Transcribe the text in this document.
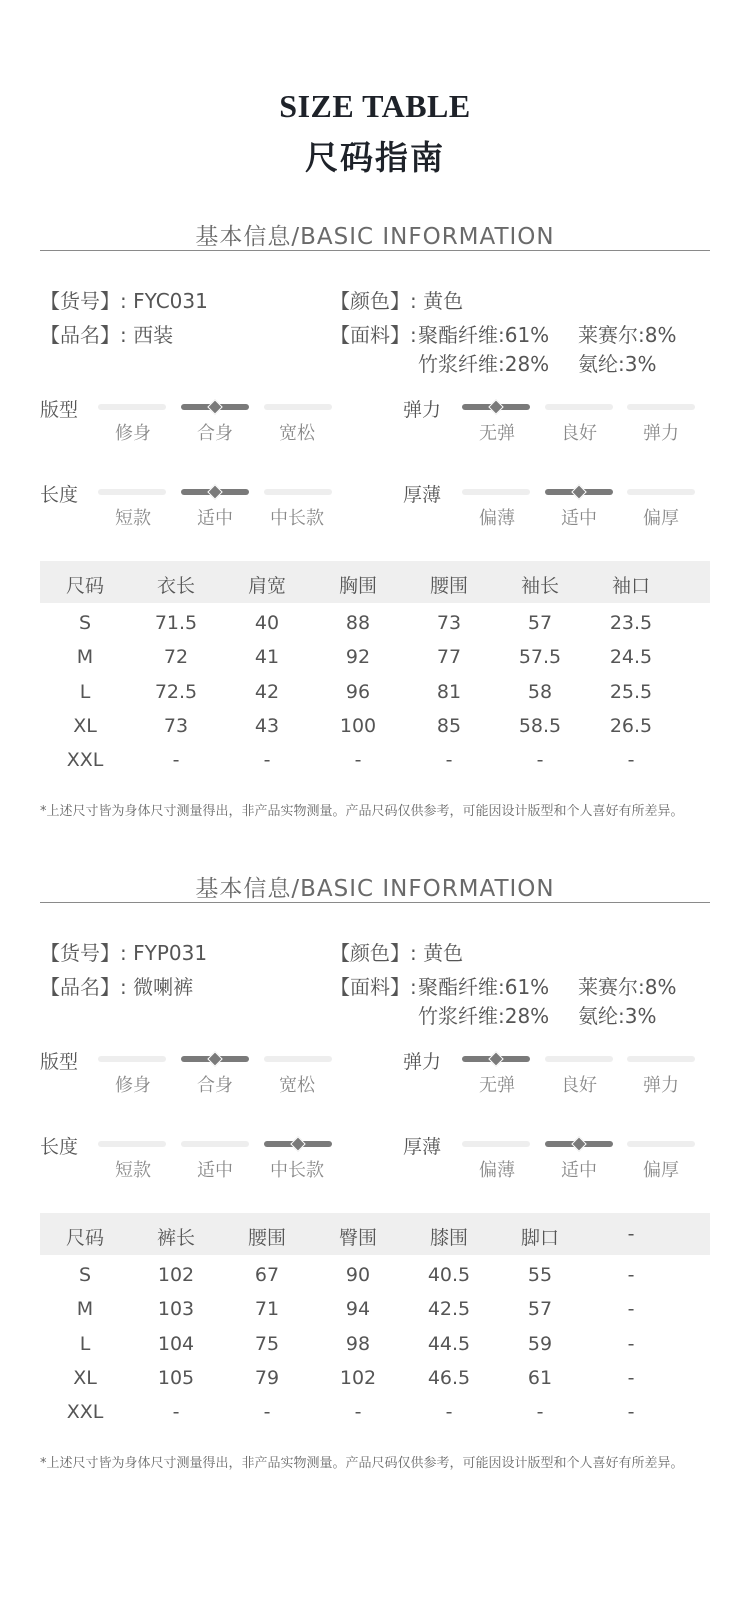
SIZE TABLE
尺码指南
基本信息/BASIC INFORMATION
【货号】: FYC031
【品名】: 西装
【颜色】: 黄色
【面料】: 聚酯纤维:61% 莱赛尔:8%
竹浆纤维:28% 氨纶:3%
版型
修身	合身	宽松
弹力
无弹	良好	弹力
长度
短款	适中	中长款
厚薄
偏薄	适中	偏厚
尺码	衣长	肩宽	胸围	腰围	袖长	袖口
S	71.5	40	88	73	57	23.5
M	72	41	92	77	57.5	24.5
L	72.5	42	96	81	58	25.5
XL	73	43	100	85	58.5	26.5
XXL	-	-	-	-	-	-
*上述尺寸皆为身体尺寸测量得出，非产品实物测量。产品尺码仅供参考，可能因设计版型和个人喜好有所差异。
基本信息/BASIC INFORMATION
【货号】: FYP031
【品名】: 微喇裤
【颜色】: 黄色
【面料】: 聚酯纤维:61% 莱赛尔:8%
竹浆纤维:28% 氨纶:3%
版型
修身	合身	宽松
弹力
无弹	良好	弹力
长度
短款	适中	中长款
厚薄
偏薄	适中	偏厚
尺码	裤长	腰围	臀围	膝围	脚口	-
S	102	67	90	40.5	55	-
M	103	71	94	42.5	57	-
L	104	75	98	44.5	59	-
XL	105	79	102	46.5	61	-
XXL	-	-	-	-	-	-
*上述尺寸皆为身体尺寸测量得出，非产品实物测量。产品尺码仅供参考，可能因设计版型和个人喜好有所差异。
